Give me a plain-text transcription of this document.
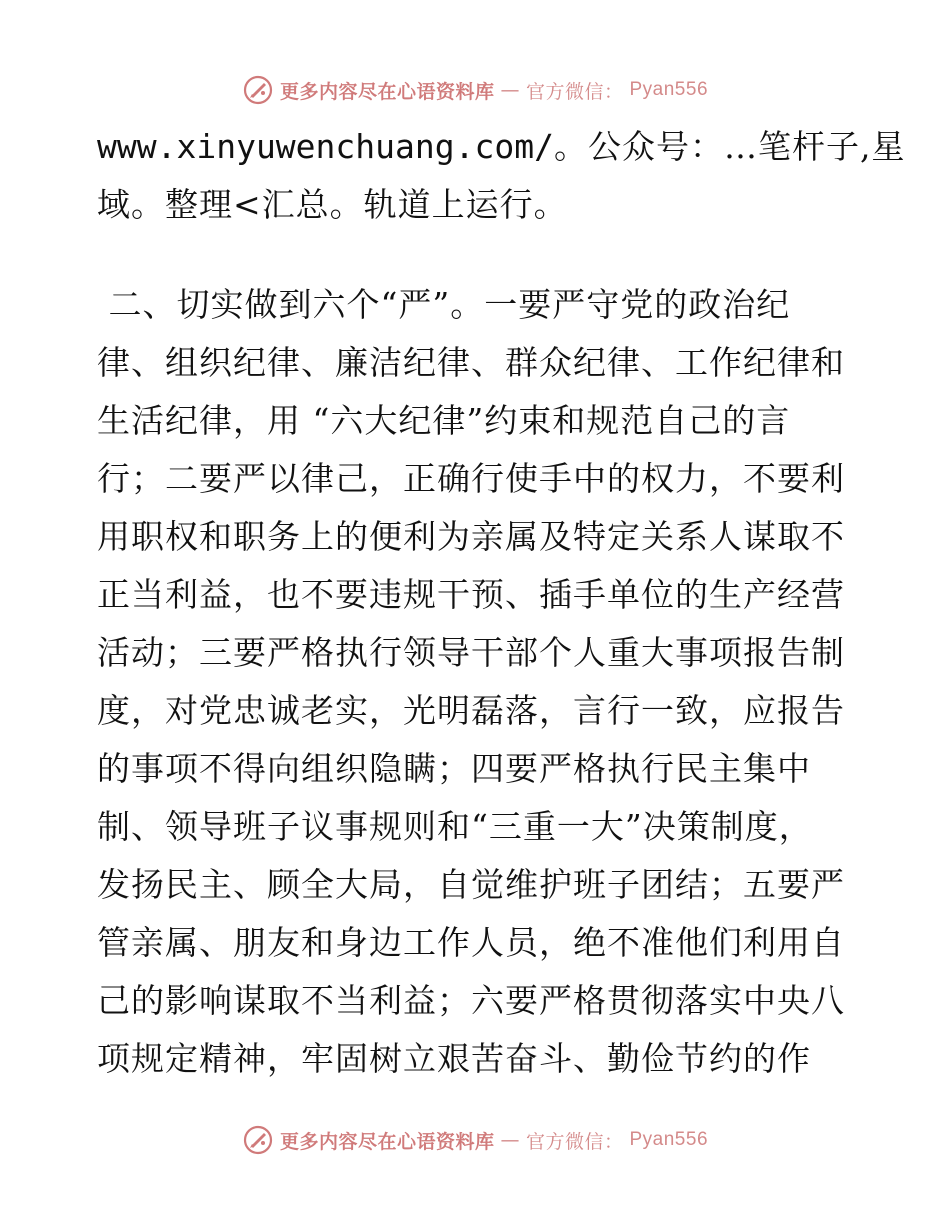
更多内容尽在心语资料库 — 官方微信： Pyan556
www.xinyuwenchuang.com/。公众号：…笔杆子,星
域。整理<汇总。轨道上运行。
二、切实做到六个“严”。一要严守党的政治纪
律、组织纪律、廉洁纪律、群众纪律、工作纪律和
生活纪律，用 “六大纪律”约束和规范自己的言
行；二要严以律己，正确行使手中的权力，不要利
用职权和职务上的便利为亲属及特定关系人谋取不
正当利益，也不要违规干预、插手单位的生产经营
活动；三要严格执行领导干部个人重大事项报告制
度，对党忠诚老实，光明磊落，言行一致，应报告
的事项不得向组织隐瞒；四要严格执行民主集中
制、领导班子议事规则和“三重一大”决策制度，
发扬民主、顾全大局，自觉维护班子团结；五要严
管亲属、朋友和身边工作人员，绝不准他们利用自
己的影响谋取不当利益；六要严格贯彻落实中央八
项规定精神，牢固树立艰苦奋斗、勤俭节约的作
更多内容尽在心语资料库 — 官方微信： Pyan556
